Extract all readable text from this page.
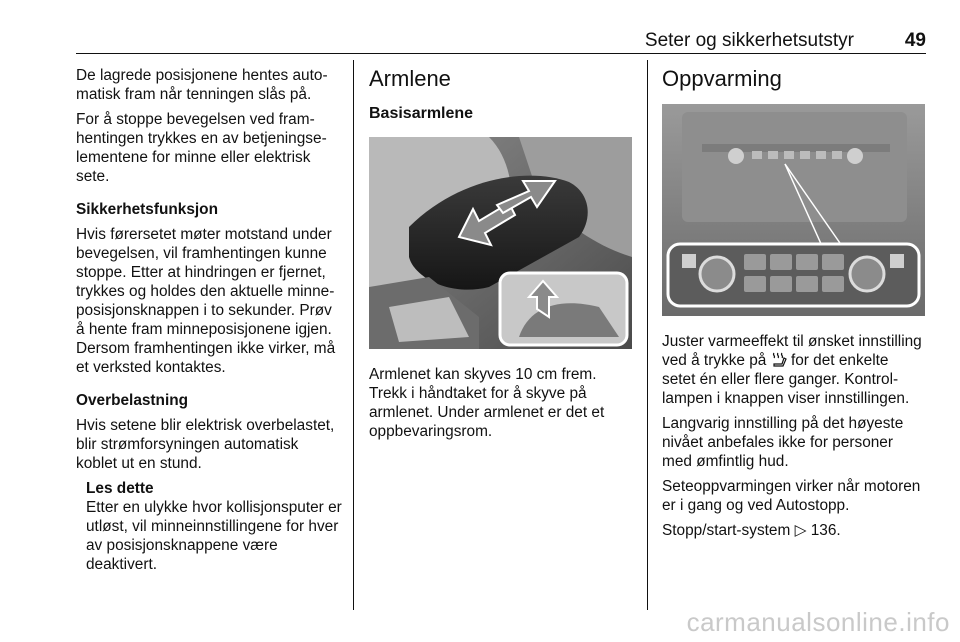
Seter og sikkerhetsutstyr	49

De lagrede posisjonene hentes automatisk fram når tenningen slås på.

For å stoppe bevegelsen ved framhentingen trykkes en av betjeningselementene for minne eller elektrisk sete.

Sikkerhetsfunksjon

Hvis førersetet møter motstand under bevegelsen, vil framhentingen kunne stoppe. Etter at hindringen er fjernet, trykkes og holdes den aktuelle minneposisjonsknappen i to sekunder. Prøv å hente fram minneposisjonene igjen. Dersom framhentingen ikke virker, må et verksted kontaktes.

Overbelastning

Hvis setene blir elektrisk overbelastet, blir strømforsyningen automatisk koblet ut en stund.

Les dette
Etter en ulykke hvor kollisjonsputer er utløst, vil minneinnstillingene for hver av posisjonsknappene være deaktivert.
Armlene
Basisarmlene

Armlenet kan skyves 10 cm frem. Trekk i håndtaket for å skyve på armlenet. Under armlenet er det et oppbevaringsrom.

Oppvarming

Juster varmeeffekt til ønsket innstilling ved å trykke på for det enkelte setet én eller flere ganger. Kontrollampen i knappen viser innstillingen.

Langvarig innstilling på det høyeste nivået anbefales ikke for personer med ømfintlig hud.

Seteoppvarmingen virker når motoren er i gang og ved Autostopp.

Stopp/start-system ▷ 136.

carmanualsonline.info
